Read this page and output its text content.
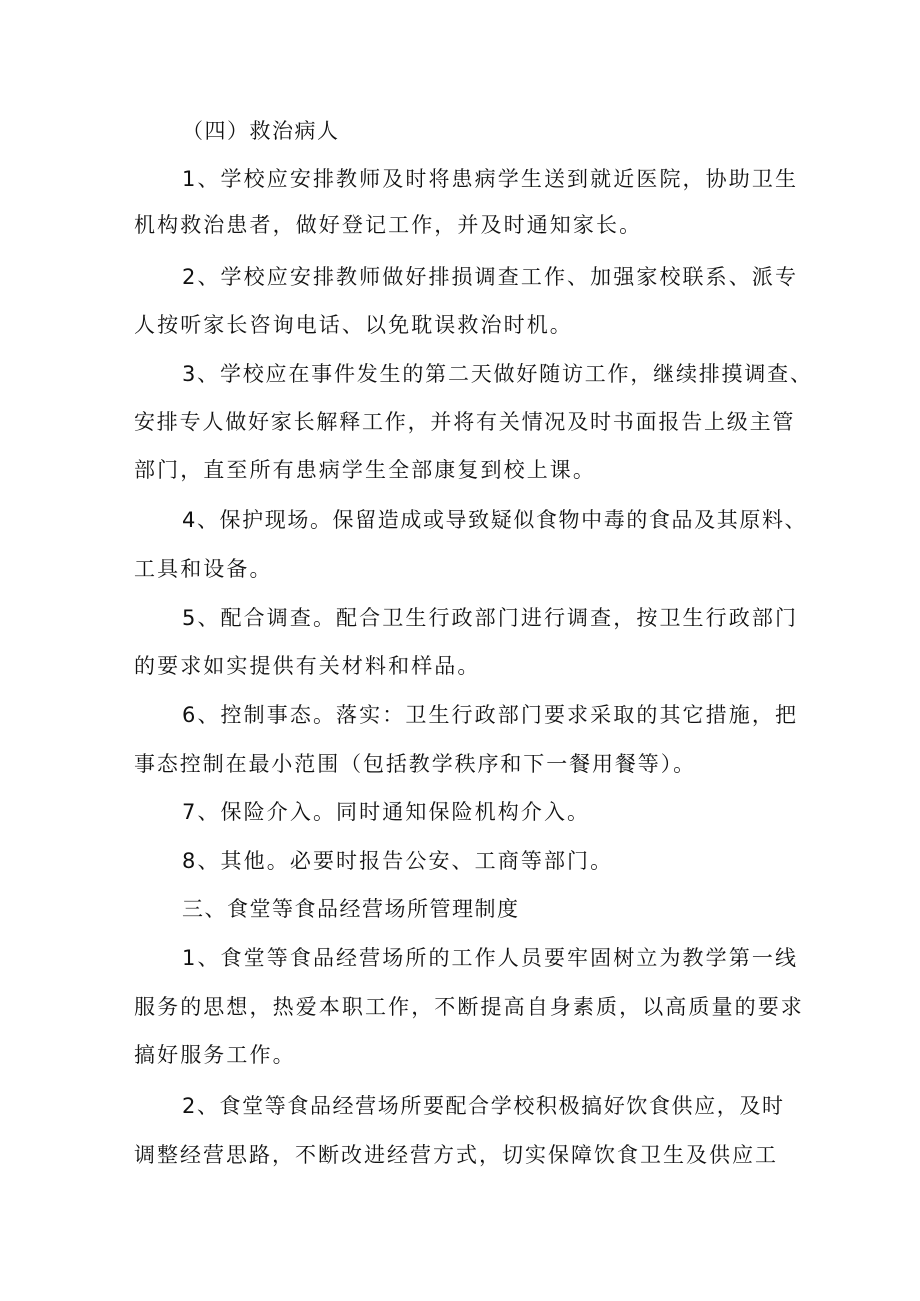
（四）救治病人
1、学校应安排教师及时将患病学生送到就近医院，协助卫生
机构救治患者，做好登记工作，并及时通知家长。
2、学校应安排教师做好排损调查工作、加强家校联系、派专
人按听家长咨询电话、以免耽误救治时机。
3、学校应在事件发生的第二天做好随访工作，继续排摸调查、
安排专人做好家长解释工作，并将有关情况及时书面报告上级主管
部门，直至所有患病学生全部康复到校上课。
4、保护现场。保留造成或导致疑似食物中毒的食品及其原料、
工具和设备。
5、配合调查。配合卫生行政部门进行调查，按卫生行政部门
的要求如实提供有关材料和样品。
6、控制事态。落实：卫生行政部门要求采取的其它措施，把
事态控制在最小范围（包括教学秩序和下一餐用餐等）。
7、保险介入。同时通知保险机构介入。
8、其他。必要时报告公安、工商等部门。
三、食堂等食品经营场所管理制度
1、食堂等食品经营场所的工作人员要牢固树立为教学第一线
服务的思想，热爱本职工作，不断提高自身素质，以高质量的要求
搞好服务工作。
2、食堂等食品经营场所要配合学校积极搞好饮食供应，及时
调整经营思路，不断改进经营方式，切实保障饮食卫生及供应工
